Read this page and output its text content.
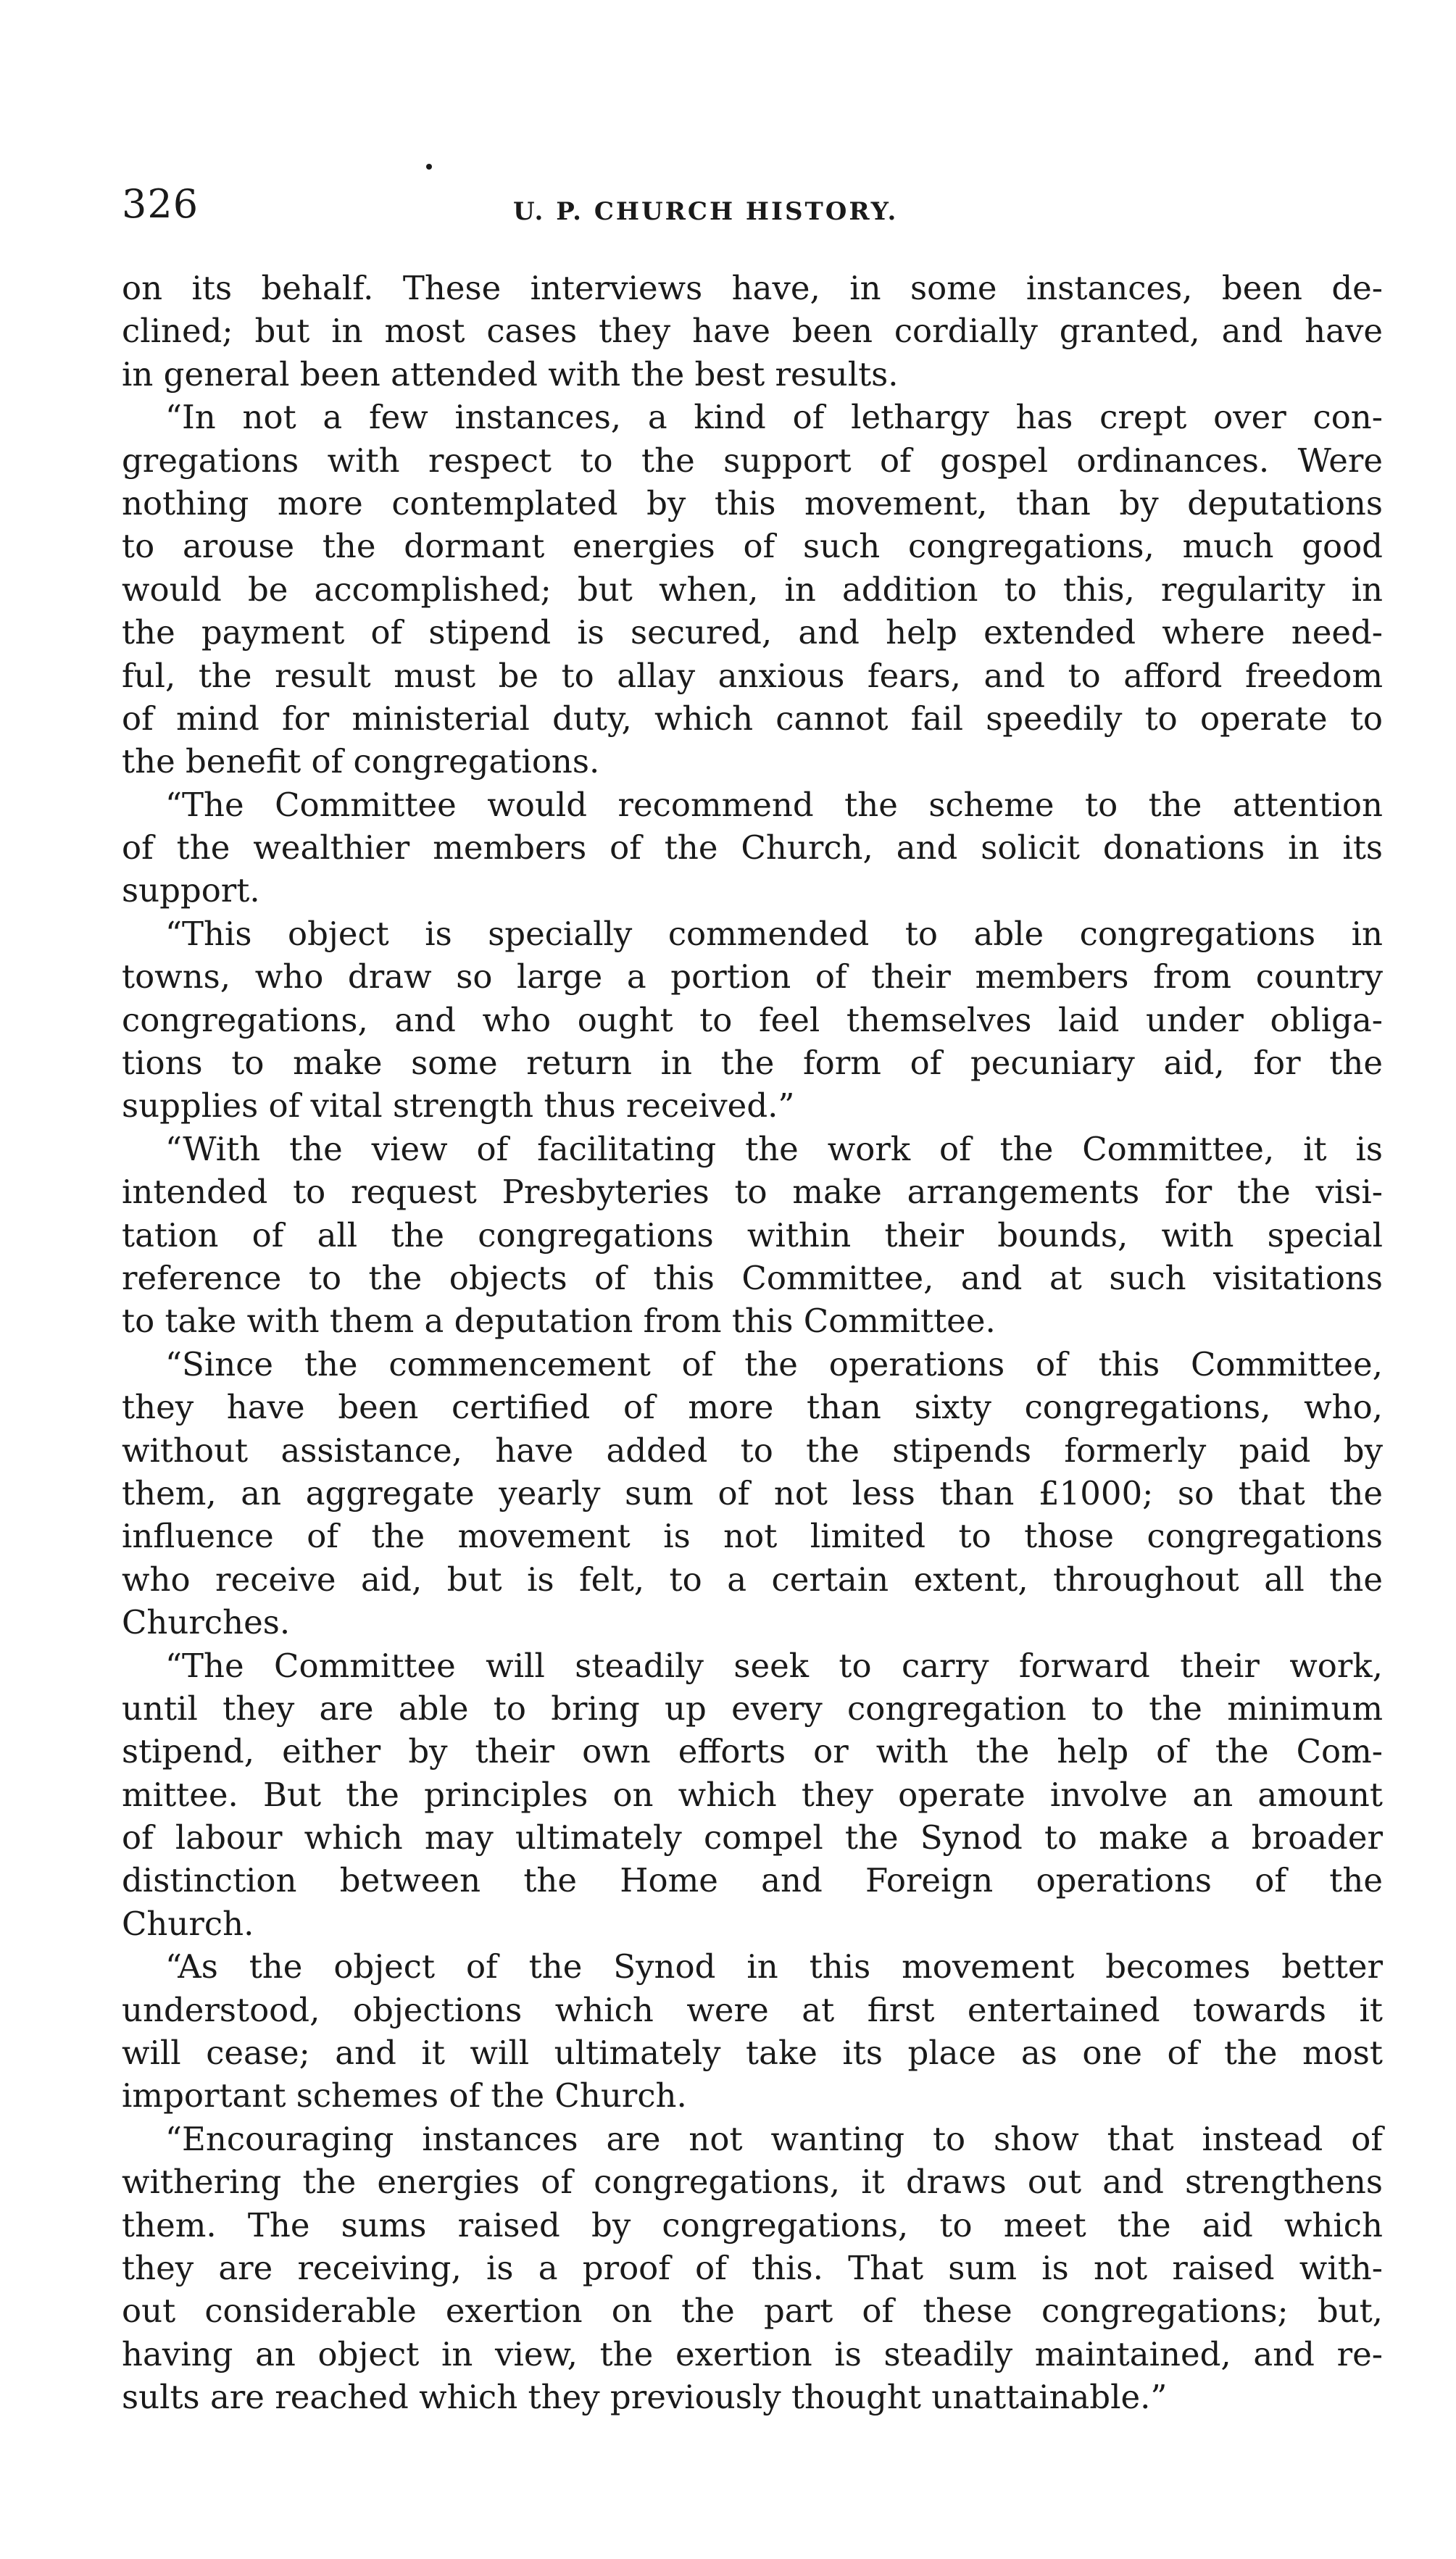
326	U. P. CHURCH HISTORY.
on its behalf. These interviews have, in some instances, been de-
clined; but in most cases they have been cordially granted, and have
in general been attended with the best results.
“In not a few instances, a kind of lethargy has crept over con-
gregations with respect to the support of gospel ordinances. Were
nothing more contemplated by this movement, than by deputations
to arouse the dormant energies of such congregations, much good
would be accomplished; but when, in addition to this, regularity in
the payment of stipend is secured, and help extended where need-
ful, the result must be to allay anxious fears, and to afford freedom
of mind for ministerial duty, which cannot fail speedily to operate to
the benefit of congregations.
“The Committee would recommend the scheme to the attention
of the wealthier members of the Church, and solicit donations in its
support.
“This object is specially commended to able congregations in
towns, who draw so large a portion of their members from country
congregations, and who ought to feel themselves laid under obliga-
tions to make some return in the form of pecuniary aid, for the
supplies of vital strength thus received.”
“With the view of facilitating the work of the Committee, it is
intended to request Presbyteries to make arrangements for the visi-
tation of all the congregations within their bounds, with special
reference to the objects of this Committee, and at such visitations
to take with them a deputation from this Committee.
“Since the commencement of the operations of this Committee,
they have been certified of more than sixty congregations, who,
without assistance, have added to the stipends formerly paid by
them, an aggregate yearly sum of not less than £1000; so that the
influence of the movement is not limited to those congregations
who receive aid, but is felt, to a certain extent, throughout all the
Churches.
“The Committee will steadily seek to carry forward their work,
until they are able to bring up every congregation to the minimum
stipend, either by their own efforts or with the help of the Com-
mittee. But the principles on which they operate involve an amount
of labour which may ultimately compel the Synod to make a broader
distinction between the Home and Foreign operations of the
Church.
“As the object of the Synod in this movement becomes better
understood, objections which were at first entertained towards it
will cease; and it will ultimately take its place as one of the most
important schemes of the Church.
“Encouraging instances are not wanting to show that instead of
withering the energies of congregations, it draws out and strengthens
them. The sums raised by congregations, to meet the aid which
they are receiving, is a proof of this. That sum is not raised with-
out considerable exertion on the part of these congregations; but,
having an object in view, the exertion is steadily maintained, and re-
sults are reached which they previously thought unattainable.”
